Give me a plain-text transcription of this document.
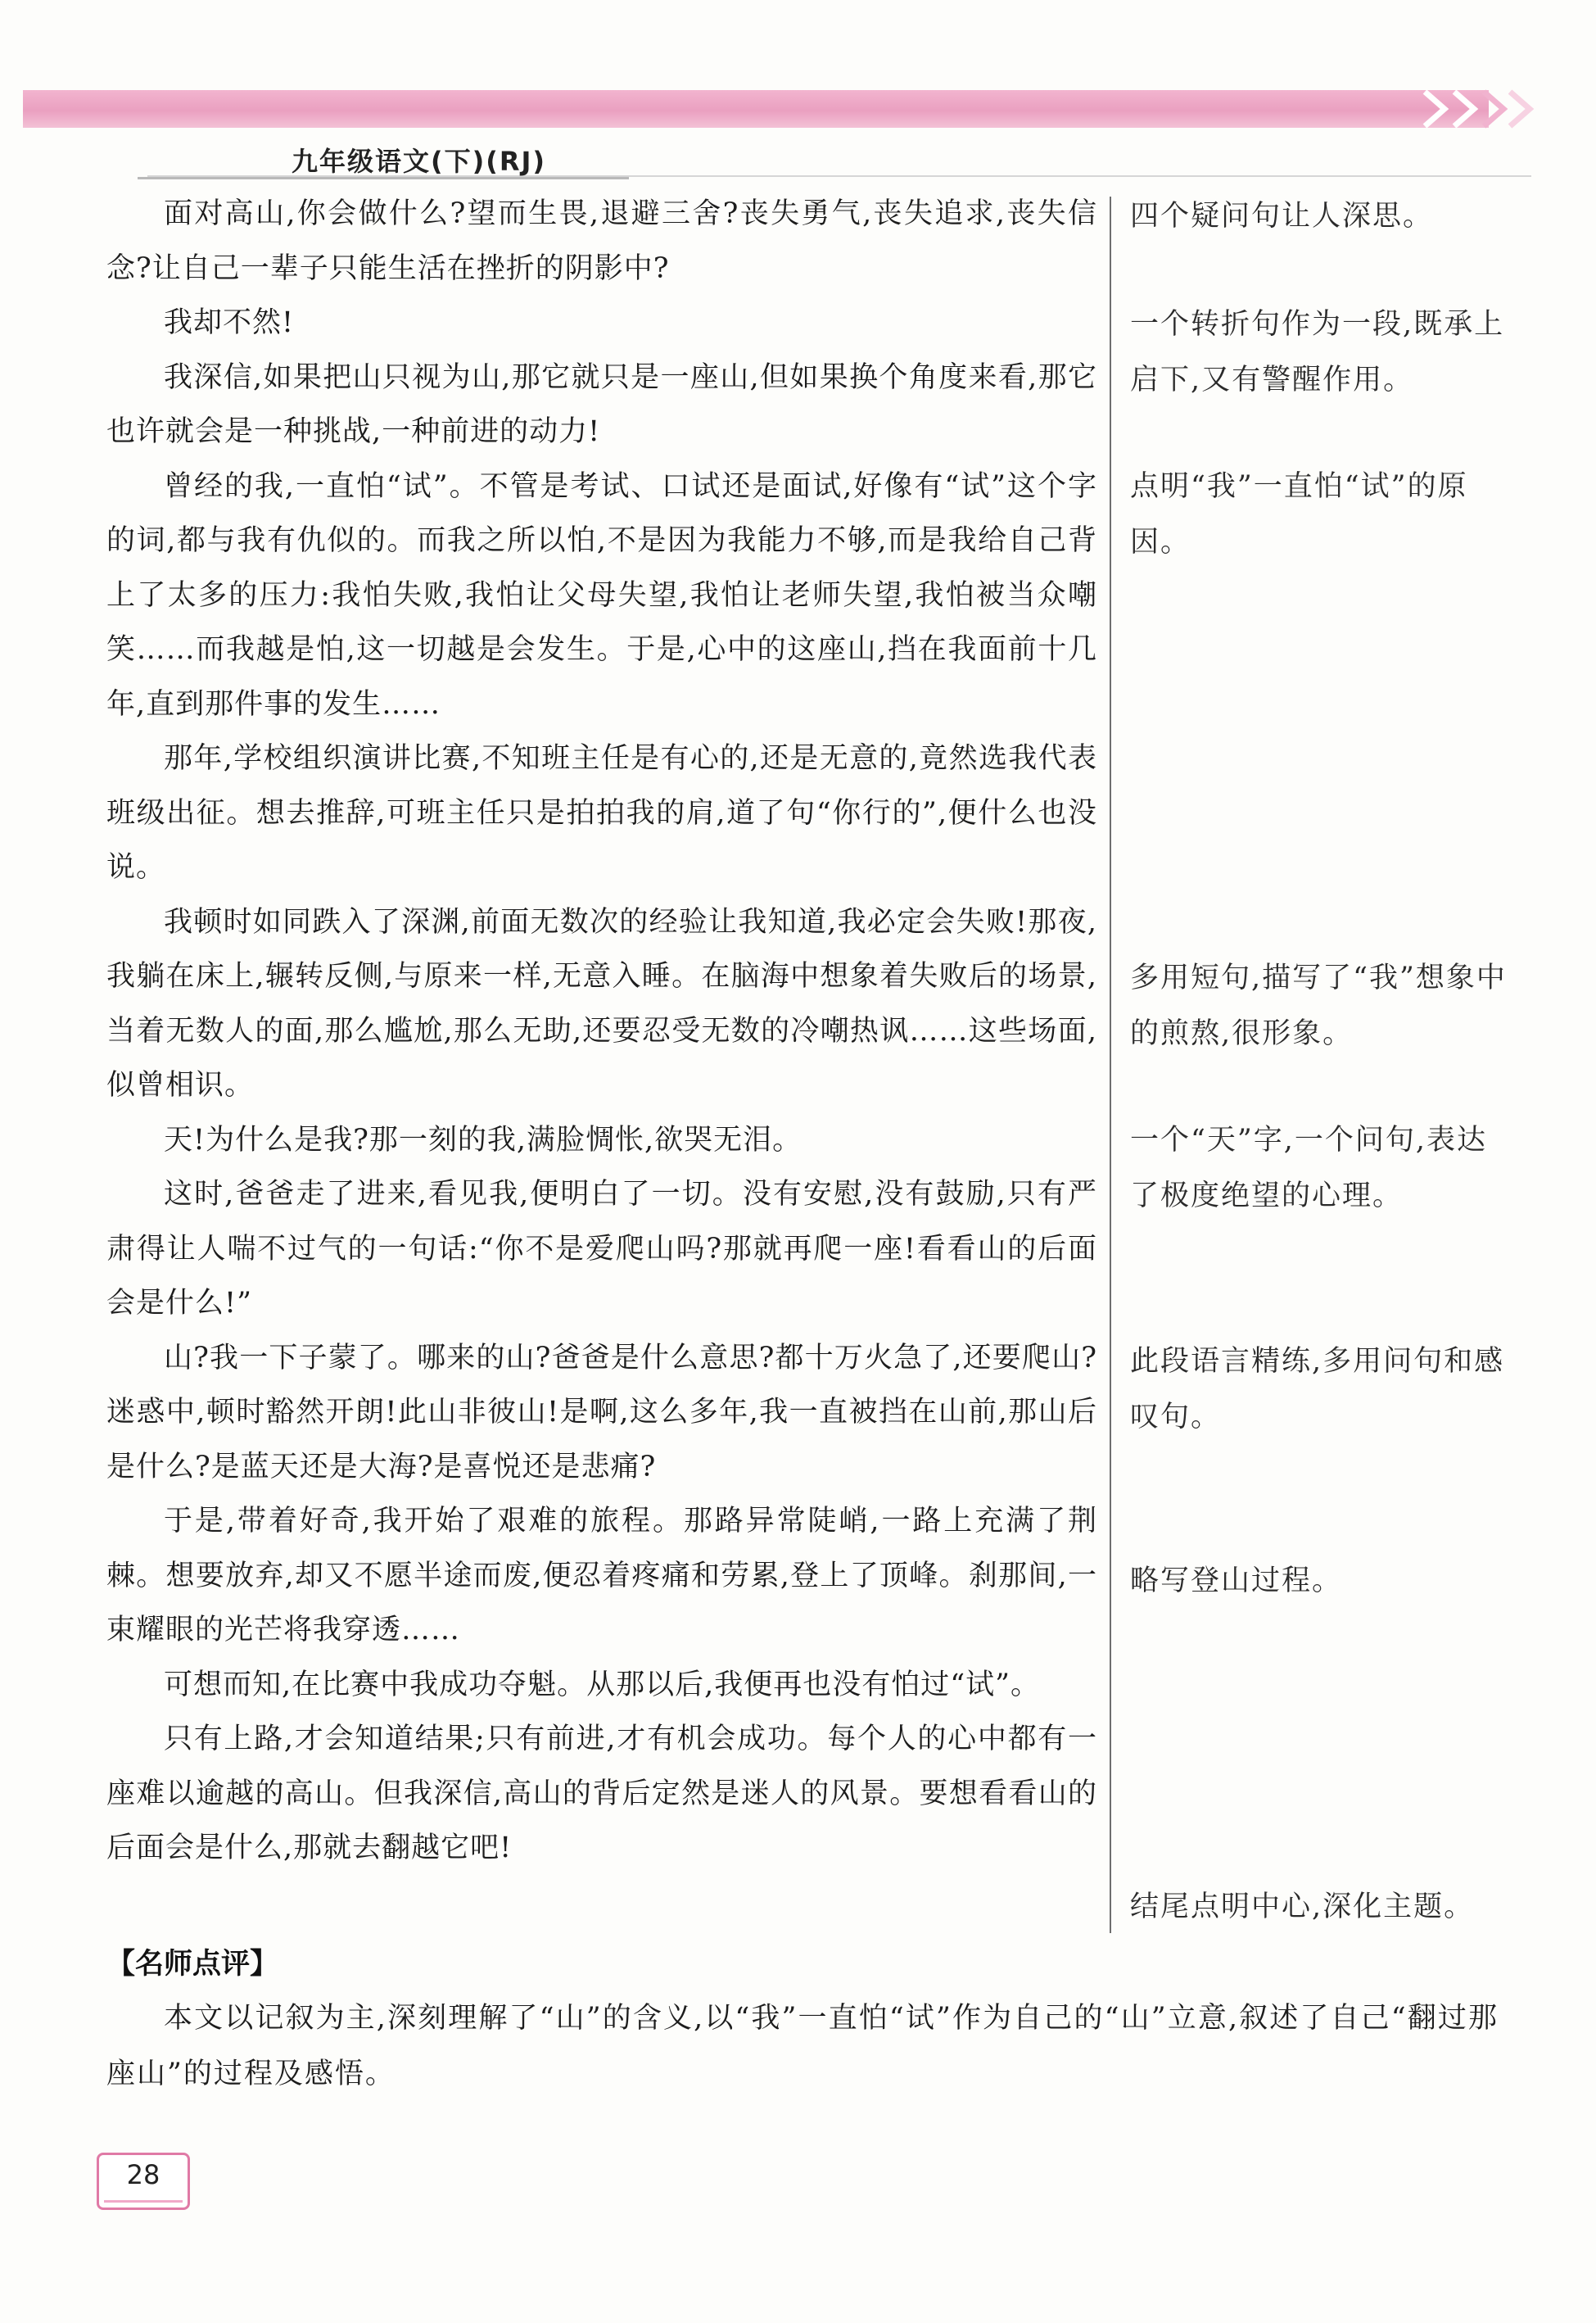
九年级语文(下)(RJ)

面对高山,你会做什么?望而生畏,退避三舍?丧失勇气,丧失追求,丧失信念?让自己一辈子只能生活在挫折的阴影中?

我却不然!

我深信,如果把山只视为山,那它就只是一座山,但如果换个角度来看,那它也许就会是一种挑战,一种前进的动力!

曾经的我,一直怕“试”。不管是考试、口试还是面试,好像有“试”这个字的词,都与我有仇似的。而我之所以怕,不是因为我能力不够,而是我给自己背上了太多的压力:我怕失败,我怕让父母失望,我怕让老师失望,我怕被当众嘲笑……而我越是怕,这一切越是会发生。于是,心中的这座山,挡在我面前十几年,直到那件事的发生……

那年,学校组织演讲比赛,不知班主任是有心的,还是无意的,竟然选我代表班级出征。想去推辞,可班主任只是拍拍我的肩,道了句“你行的”,便什么也没说。

我顿时如同跌入了深渊,前面无数次的经验让我知道,我必定会失败!那夜,我躺在床上,辗转反侧,与原来一样,无意入睡。在脑海中想象着失败后的场景,当着无数人的面,那么尴尬,那么无助,还要忍受无数的冷嘲热讽……这些场面,似曾相识。

天!为什么是我?那一刻的我,满脸惆怅,欲哭无泪。

这时,爸爸走了进来,看见我,便明白了一切。没有安慰,没有鼓励,只有严肃得让人喘不过气的一句话:“你不是爱爬山吗?那就再爬一座!看看山的后面会是什么!”

山?我一下子蒙了。哪来的山?爸爸是什么意思?都十万火急了,还要爬山?迷惑中,顿时豁然开朗!此山非彼山!是啊,这么多年,我一直被挡在山前,那山后是什么?是蓝天还是大海?是喜悦还是悲痛?

于是,带着好奇,我开始了艰难的旅程。那路异常陡峭,一路上充满了荆棘。想要放弃,却又不愿半途而废,便忍着疼痛和劳累,登上了顶峰。刹那间,一束耀眼的光芒将我穿透……

可想而知,在比赛中我成功夺魁。从那以后,我便再也没有怕过“试”。

只有上路,才会知道结果;只有前进,才有机会成功。每个人的心中都有一座难以逾越的高山。但我深信,高山的背后定然是迷人的风景。要想看看山的后面会是什么,那就去翻越它吧!

四个疑问句让人深思。
一个转折句作为一段,既承上启下,又有警醒作用。
点明“我”一直怕“试”的原因。
多用短句,描写了“我”想象中的煎熬,很形象。
一个“天”字,一个问句,表达了极度绝望的心理。
此段语言精练,多用问句和感叹句。
略写登山过程。
结尾点明中心,深化主题。
【名师点评】
本文以记叙为主,深刻理解了“山”的含义,以“我”一直怕“试”作为自己的“山”立意,叙述了自己“翻过那座山”的过程及感悟。
28
